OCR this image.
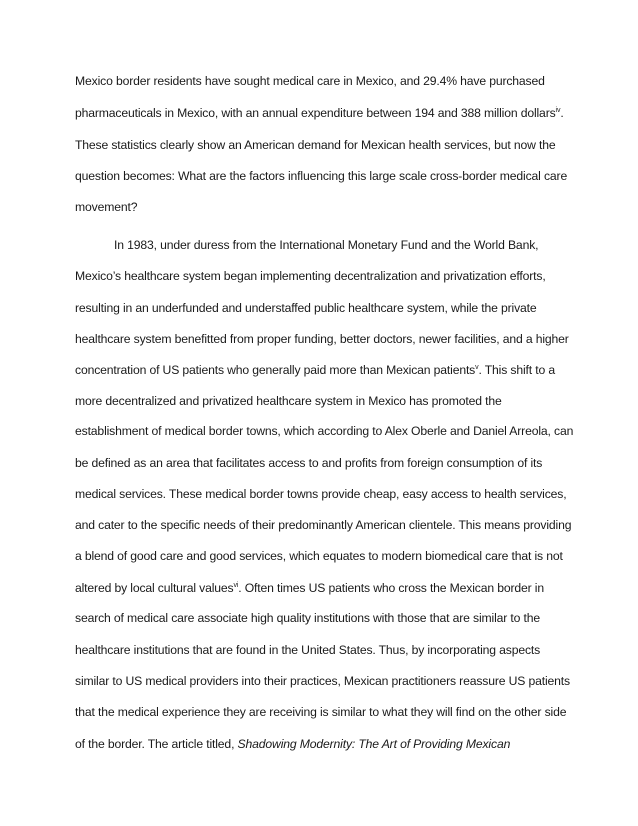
Mexico border residents have sought medical care in Mexico, and 29.4% have purchased
pharmaceuticals in Mexico, with an annual expenditure between 194 and 388 million dollars$^{iv}$.
These statistics clearly show an American demand for Mexican health services, but now the
question becomes: What are the factors influencing this large scale cross-border medical care
movement?
In 1983, under duress from the International Monetary Fund and the World Bank,
Mexico’s healthcare system began implementing decentralization and privatization efforts,
resulting in an underfunded and understaffed public healthcare system, while the private
healthcare system benefitted from proper funding, better doctors, newer facilities, and a higher
concentration of US patients who generally paid more than Mexican patients$^v$. This shift to a
more decentralized and privatized healthcare system in Mexico has promoted the
establishment of medical border towns, which according to Alex Oberle and Daniel Arreola, can
be defined as an area that facilitates access to and profits from foreign consumption of its
medical services. These medical border towns provide cheap, easy access to health services,
and cater to the specific needs of their predominantly American clientele. This means providing
a blend of good care and good services, which equates to modern biomedical care that is not
altered by local cultural values$^{vi}$. Often times US patients who cross the Mexican border in
search of medical care associate high quality institutions with those that are similar to the
healthcare institutions that are found in the United States. Thus, by incorporating aspects
similar to US medical providers into their practices, Mexican practitioners reassure US patients
that the medical experience they are receiving is similar to what they will find on the other side
of the border. The article titled, Shadowing Modernity: The Art of Providing Mexican
